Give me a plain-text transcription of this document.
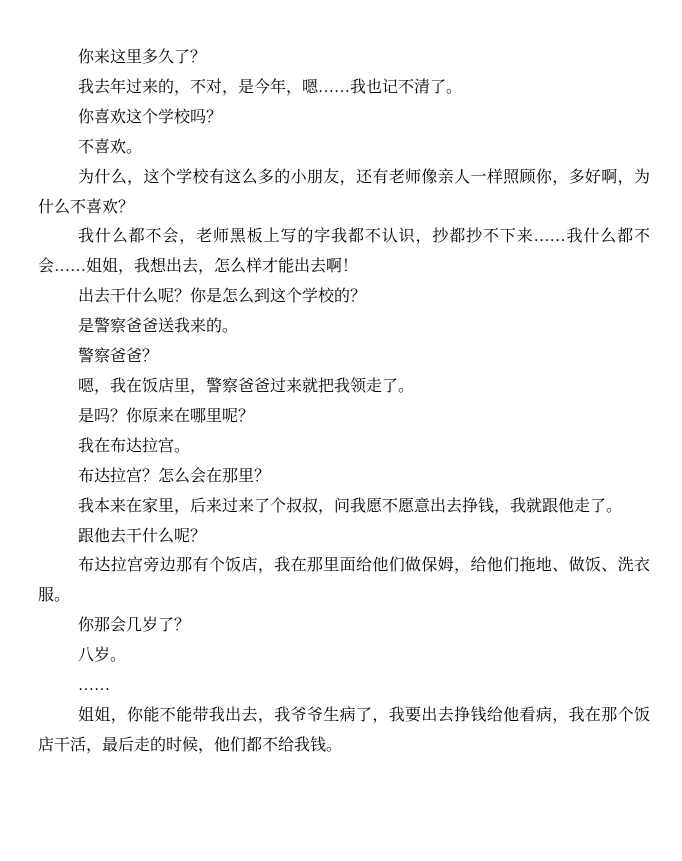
你来这里多久了？

我去年过来的，不对，是今年，嗯……我也记不清了。

你喜欢这个学校吗？

不喜欢。

为什么，这个学校有这么多的小朋友，还有老师像亲人一样照顾你，多好啊，为什么不喜欢？

我什么都不会，老师黑板上写的字我都不认识，抄都抄不下来……我什么都不会……姐姐，我想出去，怎么样才能出去啊！

出去干什么呢？你是怎么到这个学校的？

是警察爸爸送我来的。

警察爸爸？

嗯，我在饭店里，警察爸爸过来就把我领走了。

是吗？你原来在哪里呢？

我在布达拉宫。

布达拉宫？怎么会在那里？

我本来在家里，后来过来了个叔叔，问我愿不愿意出去挣钱，我就跟他走了。

跟他去干什么呢？

布达拉宫旁边那有个饭店，我在那里面给他们做保姆，给他们拖地、做饭、洗衣服。

你那会几岁了？

八岁。

……

姐姐，你能不能带我出去，我爷爷生病了，我要出去挣钱给他看病，我在那个饭店干活，最后走的时候，他们都不给我钱。
